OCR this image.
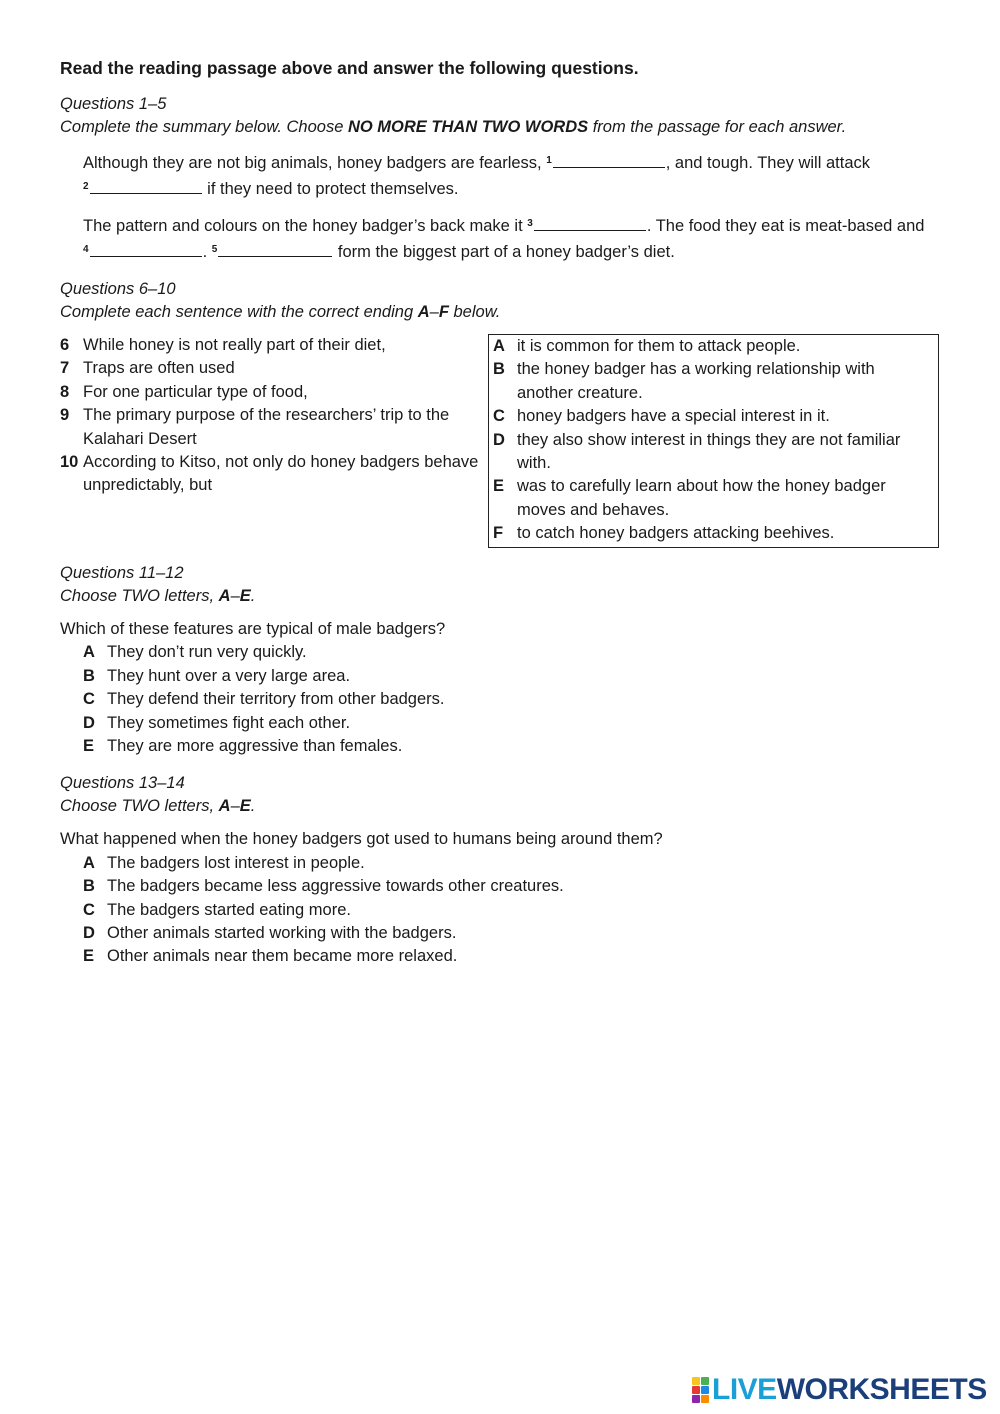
Read the reading passage above and answer the following questions.
Questions 1–5
Complete the summary below. Choose NO MORE THAN TWO WORDS from the passage for each answer.

Although they are not big animals, honey badgers are fearless, $^1$	, and tough. They will attack $^2$	if they need to protect themselves.

The pattern and colours on the honey badger’s back make it $^3$	. The food they eat is meat-based and $^4$	. $^5$	form the biggest part of a honey badger’s diet.

Questions 6–10
Complete each sentence with the correct ending A–F below.
6 While honey is not really part of their diet,
7 Traps are often used
8 For one particular type of food,
9 The primary purpose of the researchers’ trip to the Kalahari Desert
10 According to Kitso, not only do honey badgers behave unpredictably, but
A it is common for them to attack people.
B the honey badger has a working relationship with another creature.
C honey badgers have a special interest in it.
D they also show interest in things they are not familiar with.
E was to carefully learn about how the honey badger moves and behaves.
F to catch honey badgers attacking beehives.
Questions 11–12
Choose TWO letters, A–E.
Which of these features are typical of male badgers?
A They don’t run very quickly.
B They hunt over a very large area.
C They defend their territory from other badgers.
D They sometimes fight each other.
E They are more aggressive than females.
Questions 13–14
Choose TWO letters, A–E.
What happened when the honey badgers got used to humans being around them?
A The badgers lost interest in people.
B The badgers became less aggressive towards other creatures.
C The badgers started eating more.
D Other animals started working with the badgers.
E Other animals near them became more relaxed.
LIVEWORKSHEETS
